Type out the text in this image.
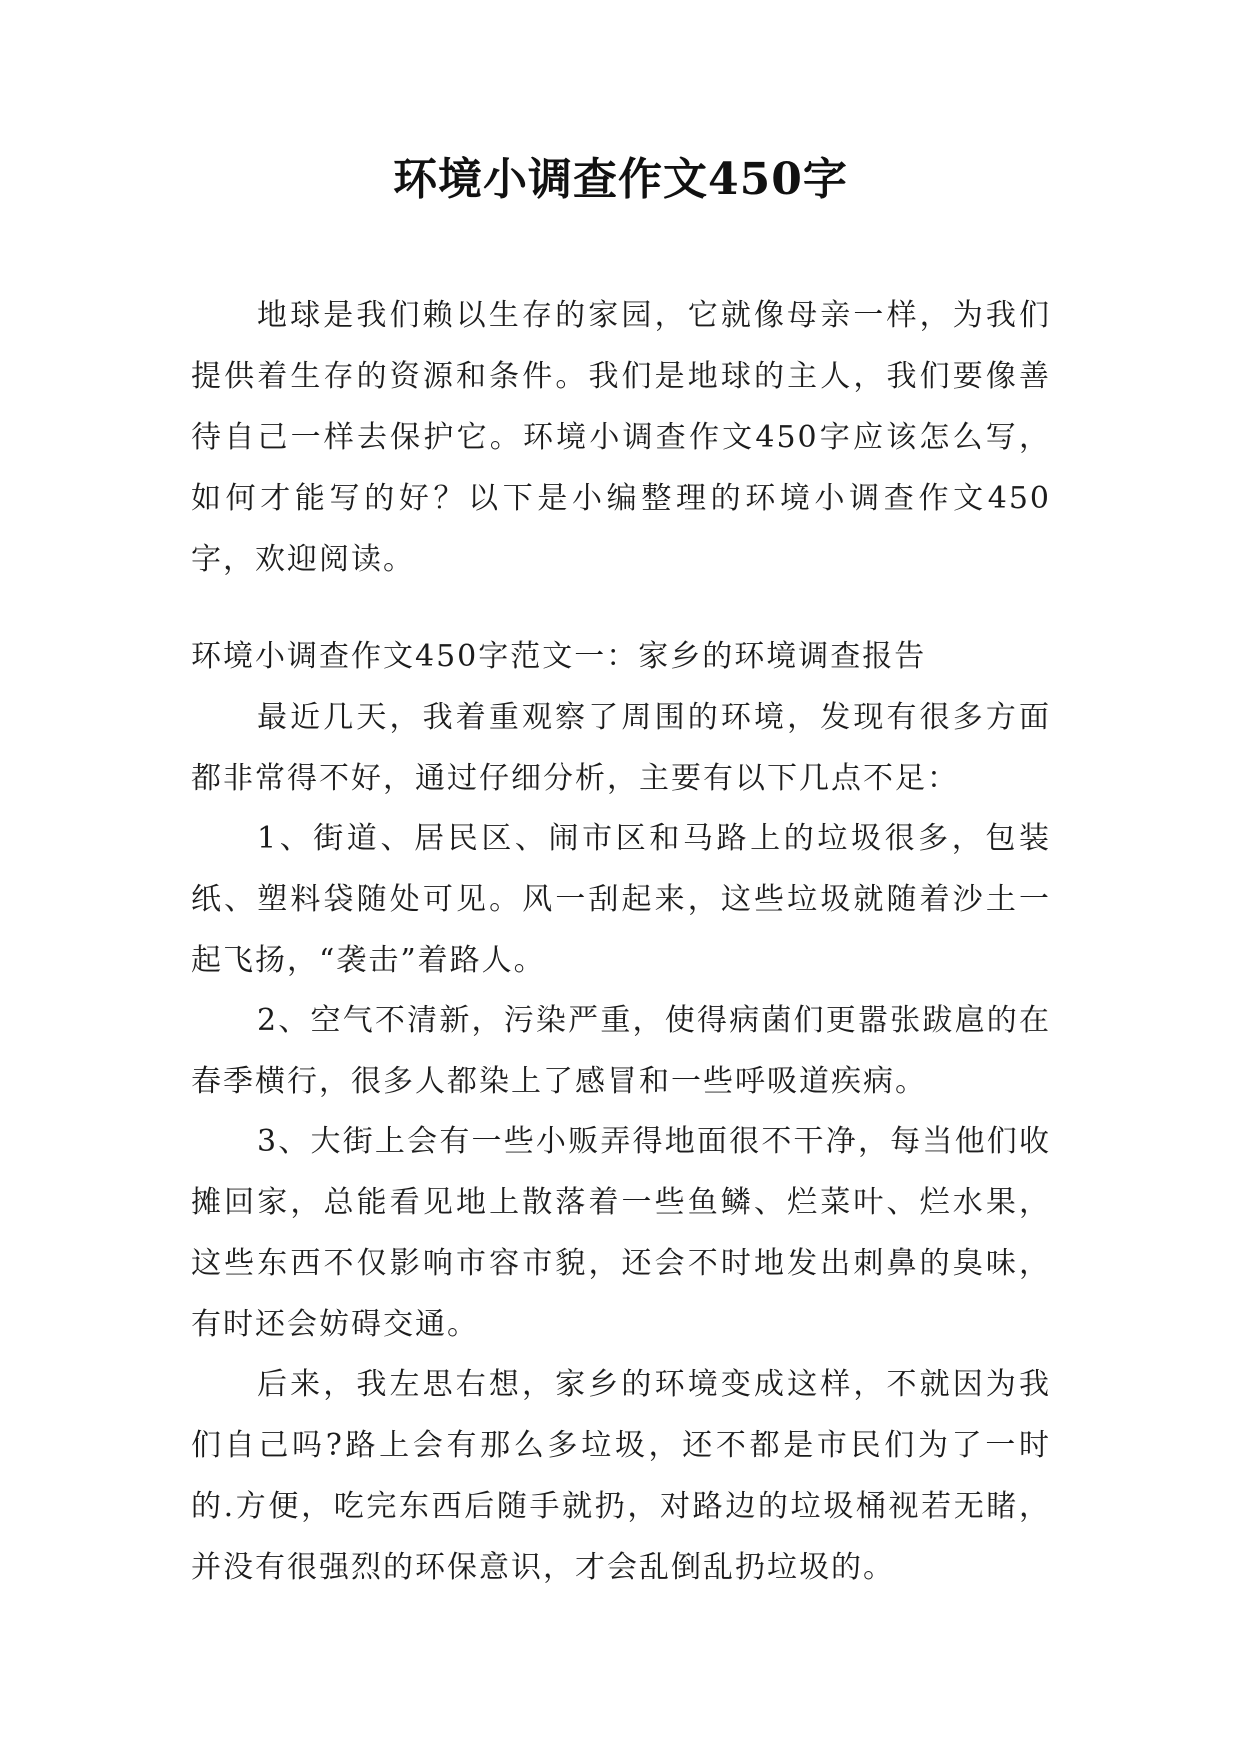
环境小调查作文450字

地球是我们赖以生存的家园，它就像母亲一样，为我们提供着生存的资源和条件。我们是地球的主人，我们要像善待自己一样去保护它。环境小调查作文450字应该怎么写，如何才能写的好？以下是小编整理的环境小调查作文450字，欢迎阅读。

环境小调查作文450字范文一：家乡的环境调查报告

最近几天，我着重观察了周围的环境，发现有很多方面都非常得不好，通过仔细分析，主要有以下几点不足：

1、街道、居民区、闹市区和马路上的垃圾很多，包装纸、塑料袋随处可见。风一刮起来，这些垃圾就随着沙土一起飞扬，“袭击”着路人。

2、空气不清新，污染严重，使得病菌们更嚣张跋扈的在春季横行，很多人都染上了感冒和一些呼吸道疾病。

3、大街上会有一些小贩弄得地面很不干净，每当他们收摊回家，总能看见地上散落着一些鱼鳞、烂菜叶、烂水果，这些东西不仅影响市容市貌，还会不时地发出刺鼻的臭味，有时还会妨碍交通。

后来，我左思右想，家乡的环境变成这样，不就因为我们自己吗?路上会有那么多垃圾，还不都是市民们为了一时的.方便，吃完东西后随手就扔，对路边的垃圾桶视若无睹，并没有很强烈的环保意识，才会乱倒乱扔垃圾的。
